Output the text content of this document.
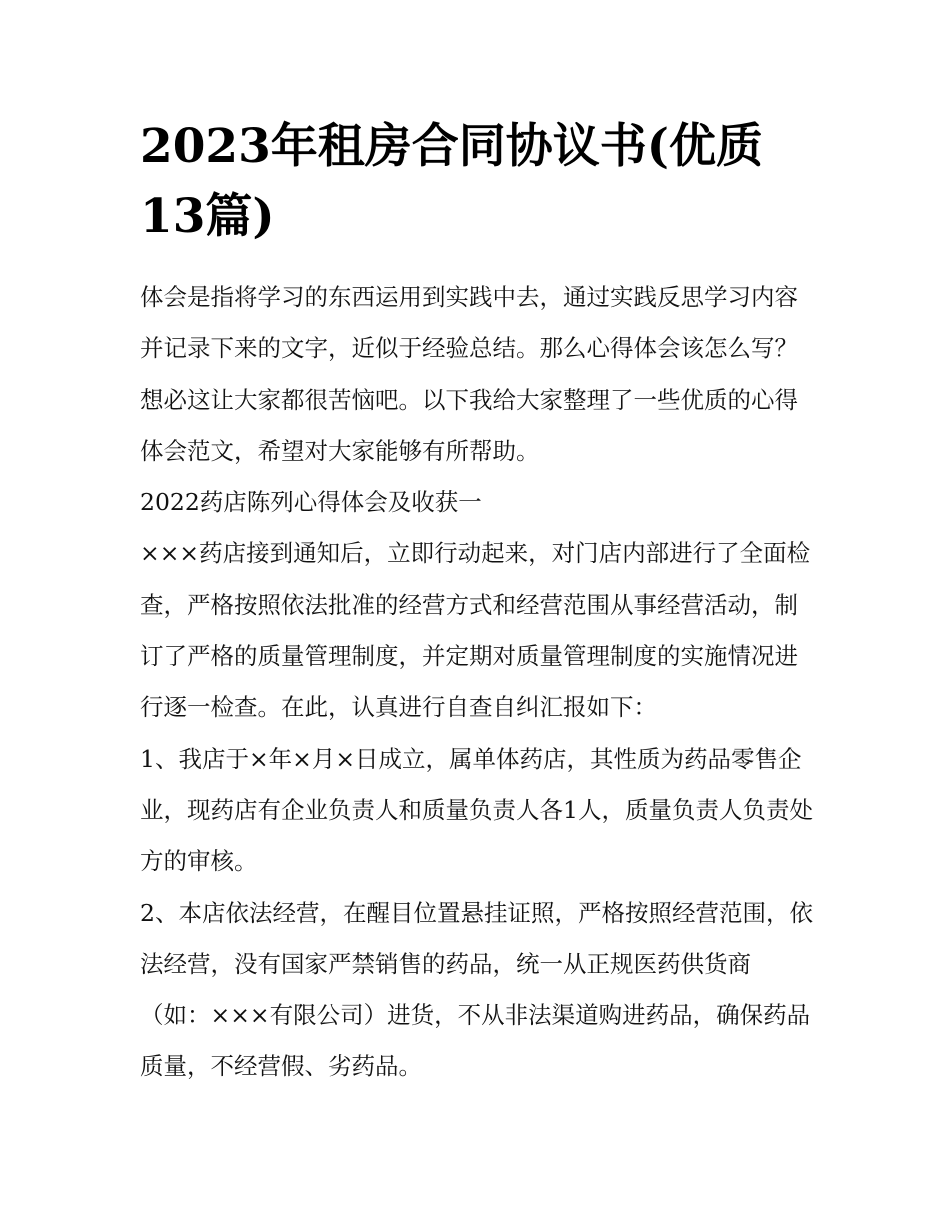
2023年租房合同协议书(优质13篇)

体会是指将学习的东西运用到实践中去，通过实践反思学习内容并记录下来的文字，近似于经验总结。那么心得体会该怎么写？想必这让大家都很苦恼吧。以下我给大家整理了一些优质的心得体会范文，希望对大家能够有所帮助。

2022药店陈列心得体会及收获一

×××药店接到通知后，立即行动起来，对门店内部进行了全面检查，严格按照依法批准的经营方式和经营范围从事经营活动，制订了严格的质量管理制度，并定期对质量管理制度的实施情况进行逐一检查。在此，认真进行自查自纠汇报如下：

1、我店于×年×月×日成立，属单体药店，其性质为药品零售企业，现药店有企业负责人和质量负责人各1人，质量负责人负责处方的审核。

2、本店依法经营，在醒目位置悬挂证照，严格按照经营范围，依法经营，没有国家严禁销售的药品，统一从正规医药供货商（如：×××有限公司）进货，不从非法渠道购进药品，确保药品质量，不经营假、劣药品。
